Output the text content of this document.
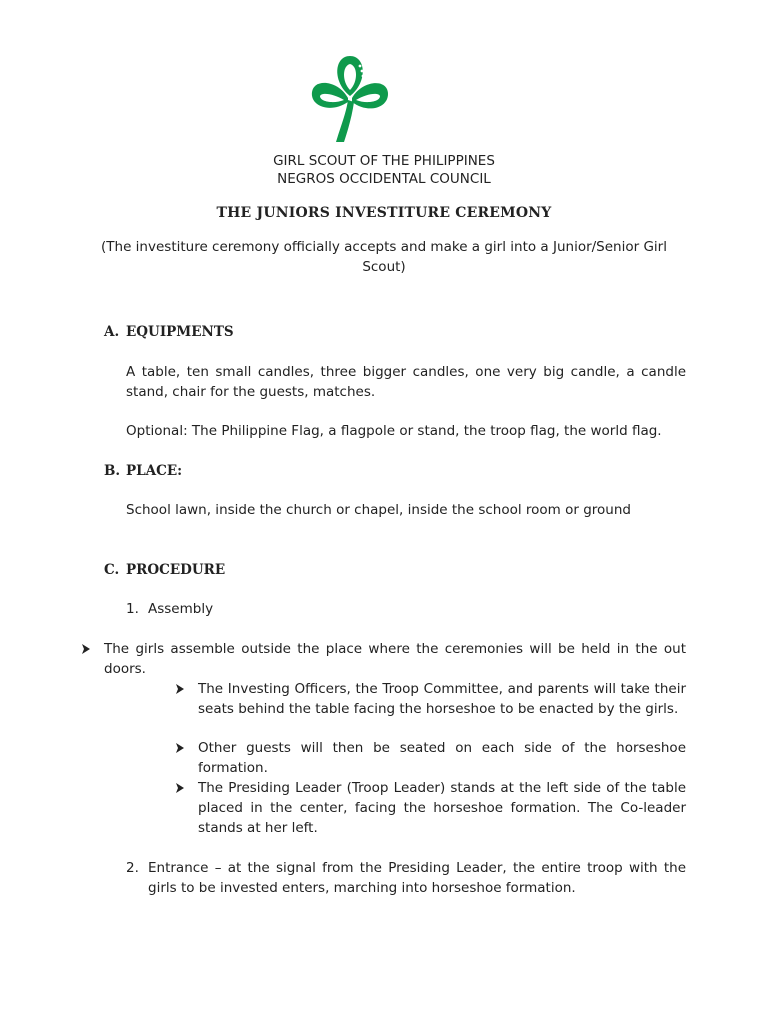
GIRL SCOUT OF THE PHILIPPINES
NEGROS OCCIDENTAL COUNCIL
THE JUNIORS INVESTITURE CEREMONY
(The investiture ceremony officially accepts and make a girl into a Junior/Senior Girl Scout)
A. EQUIPMENTS
A table, ten small candles, three bigger candles, one very big candle, a candle stand, chair for the guests, matches.
Optional: The Philippine Flag, a flagpole or stand, the troop flag, the world flag.
B. PLACE:
School lawn, inside the church or chapel, inside the school room or ground
C. PROCEDURE
1. Assembly
The girls assemble outside the place where the ceremonies will be held in the out doors.
The Investing Officers, the Troop Committee, and parents will take their seats behind the table facing the horseshoe to be enacted by the girls.
Other guests will then be seated on each side of the horseshoe formation.
The Presiding Leader (Troop Leader) stands at the left side of the table placed in the center, facing the horseshoe formation. The Co-leader stands at her left.
2. Entrance – at the signal from the Presiding Leader, the entire troop with the girls to be invested enters, marching into horseshoe formation.
